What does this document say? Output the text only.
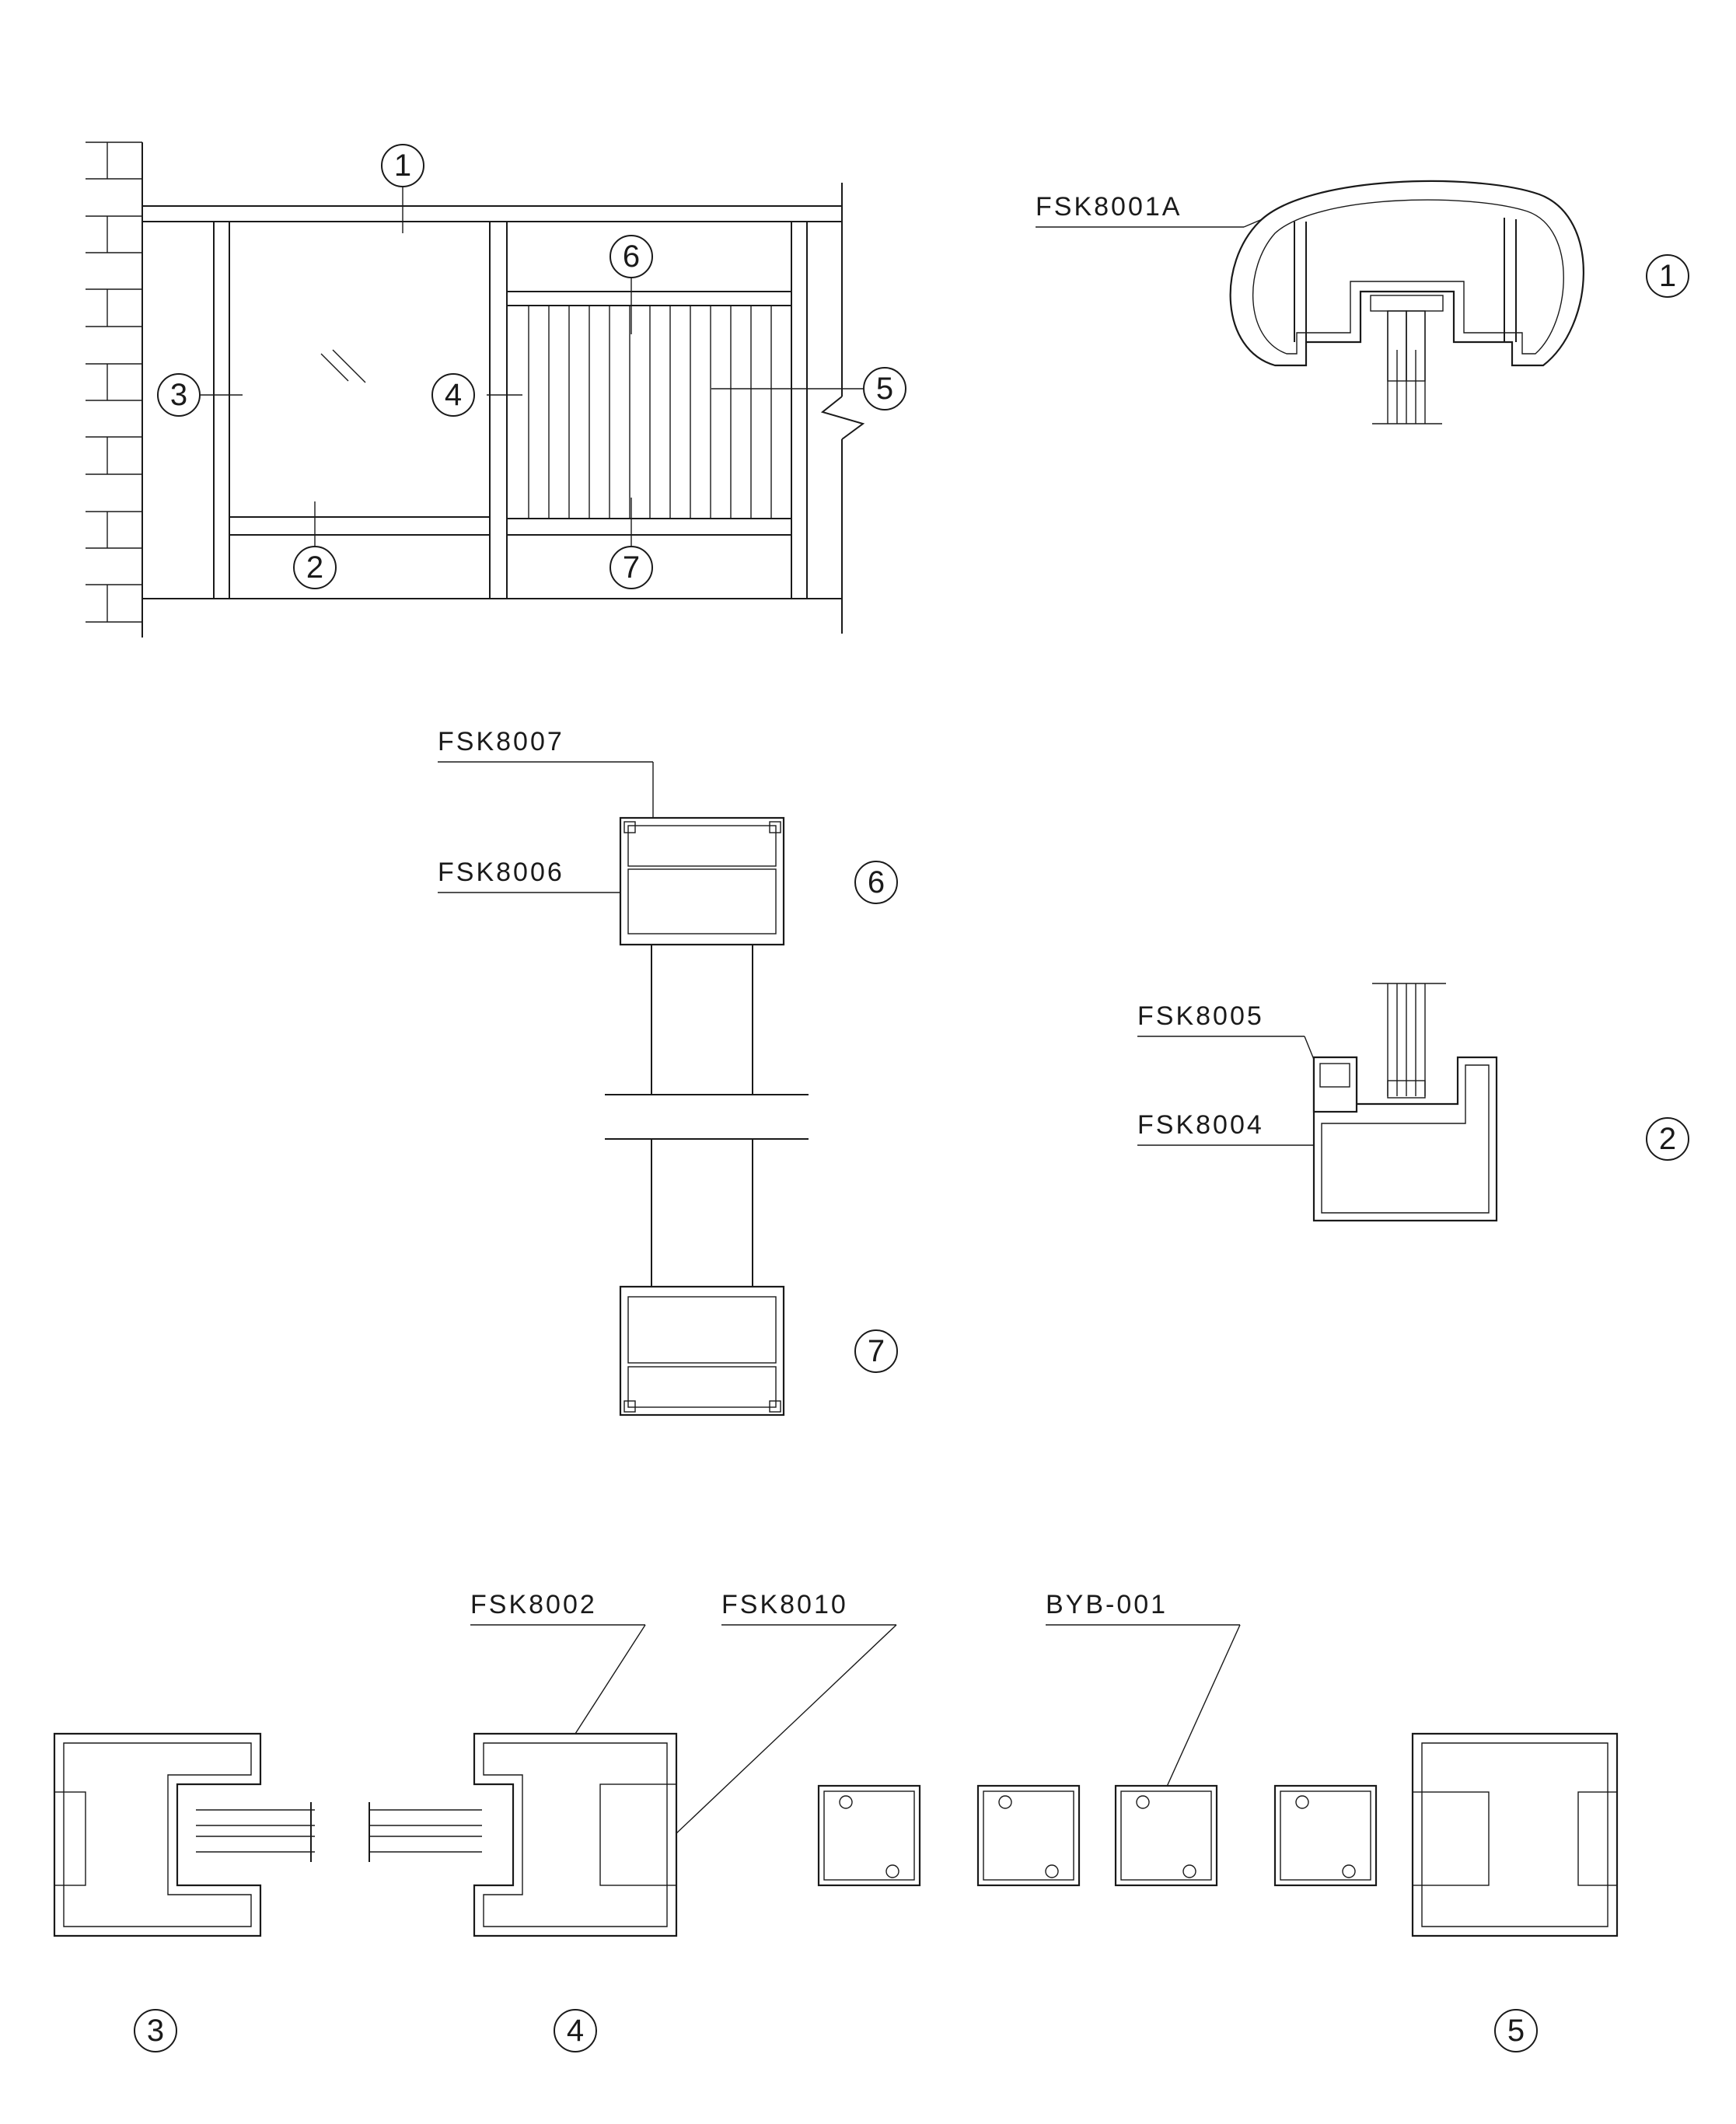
1
2
3	4	5
6
7
FSK8001A
1
FSK8007
FSK8006	6
7
FSK8005
FSK8004	2
FSK8002	FSK8010	BYB-001
3	4	5
